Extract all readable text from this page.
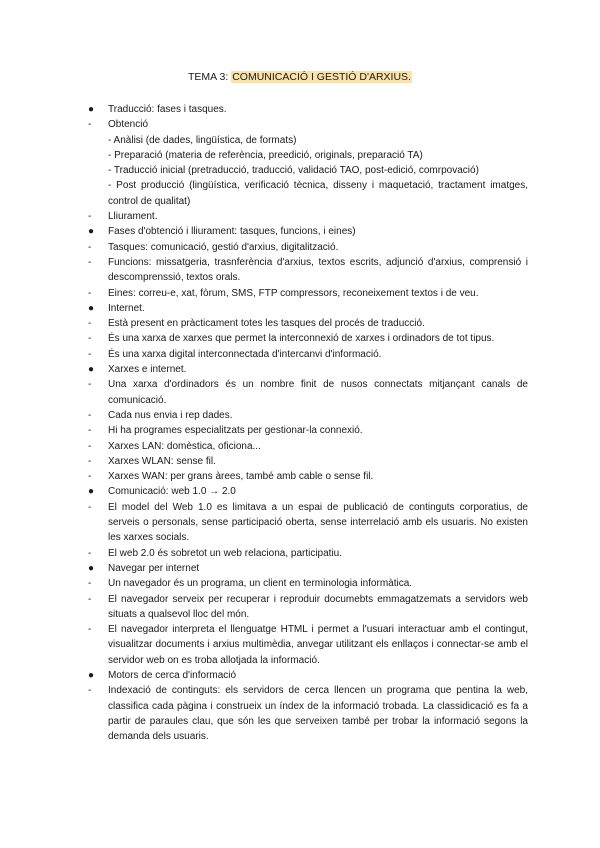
TEMA 3: COMUNICACIÓ I GESTIÓ D'ARXIUS.
●	Traducció: fases i tasques.
-	Obtenció
- Anàlisi (de dades, lingüística, de formats)
- Preparació (materia de referència, preedició, originals, preparació TA)
- Traducció inicial (pretraducció, traducció, validació TAO, post-edició, comrpovació)
- Post producció (lingüística, verificació tècnica, disseny i maquetació, tractament imatges, control de qualitat)
-	Lliurament.
●	Fases d'obtenció i lliurament: tasques, funcions, i eines)
-	Tasques: comunicació, gestió d'arxius, digitalització.
-	Funcions: missatgeria, trasnferència d'arxius, textos escrits, adjunció d'arxius, comprensió i descomprenssió, textos orals.
-	Eines: correu-e, xat, fòrum, SMS, FTP compressors, reconeixement textos i de veu.
●	Internet.
-	Està present en pràcticament totes les tasques del procés de traducció.
-	És una xarxa de xarxes que permet la interconnexió de xarxes i ordinadors de tot tipus.
-	És una xarxa digital interconnectada d'intercanvi d'informació.
●	Xarxes e internet.
-	Una xarxa d'ordinadors és un nombre finit de nusos connectats mitjançant canals de comunicació.
-	Cada nus envia i rep dades.
-	Hi ha programes especialitzats per gestionar-la connexió.
-	Xarxes LAN: domèstica, oficiona...
-	Xarxes WLAN: sense fil.
-	Xarxes WAN: per grans àrees, també amb cable o sense fil.
●	Comunicació: web 1.0 → 2.0
-	El model del Web 1.0 es limitava a un espai de publicació de continguts corporatius, de serveis o personals, sense participació oberta, sense interrelació amb els usuaris. No existen les xarxes socials.
-	El web 2.0 és sobretot un web relaciona, participatiu.
●	Navegar per internet
-	Un navegador és un programa, un client en terminologia informàtica.
-	El navegador serveix per recuperar i reproduir documebts emmagatzemats a servidors web situats a qualsevol lloc del món.
-	El navegador interpreta el llenguatge HTML i permet a l'usuari interactuar amb el contingut, visualitzar documents i arxius multimèdia, anvegar utilitzant els enllaços i connectar-se amb el servidor web on es troba allotjada la informació.
●	Motors de cerca d'informació
-	Indexació de continguts: els servidors de cerca llencen un programa que pentina la web, classifica cada pàgina i construeix un índex de la informació trobada. La classidicació es fa a partir de paraules clau, que són les que serveixen també per trobar la informació segons la demanda dels usuaris.
